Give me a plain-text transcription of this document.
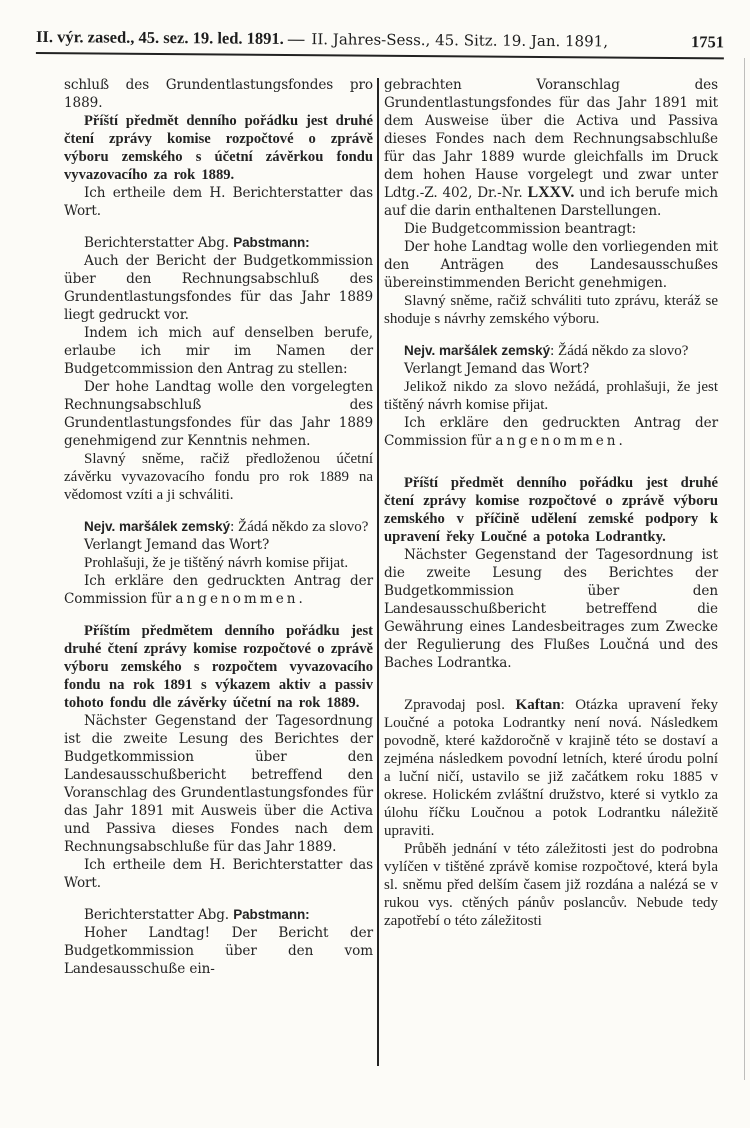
II. výr. zased., 45. sez. 19. led. 1891. — II. Jahres-Sess., 45. Sitz. 19. Jan. 1891,	1751

schluß des Grundentlastungsfondes pro 1889.

Příští předmět denního pořádku jest druhé čtení zprávy komise rozpočtové o zprávě výboru zemského s účetní závěrkou fondu vyvazovacího za rok 1889.

Ich ertheile dem H. Berichterstatter das Wort.

Berichterstatter Abg. Pabstmann:

Auch der Bericht der Budgetkommission über den Rechnungsabschluß des Grundentlastungsfondes für das Jahr 1889 liegt gedruckt vor.

Indem ich mich auf denselben berufe, erlaube ich mir im Namen der Budgetcommission den Antrag zu stellen:

Der hohe Landtag wolle den vorgelegten Rechnungsabschluß des Grundentlastungsfondes für das Jahr 1889 genehmigend zur Kenntnis nehmen.

Slavný sněme, račiž předloženou účetní závěrku vyvazovacího fondu pro rok 1889 na vědomost vzíti a ji schváliti.

Nejv. maršálek zemský: Žádá někdo za slovo?

Verlangt Jemand das Wort?

Prohlašuji, že je tištěný návrh komise přijat.

Ich erkläre den gedruckten Antrag der Commission für angenommen.

Příštím předmětem denního pořádku jest druhé čtení zprávy komise rozpočtové o zprávě výboru zemského s rozpočtem vyvazovacího fondu na rok 1891 s výkazem aktiv a passiv tohoto fondu dle závěrky účetní na rok 1889.

Nächster Gegenstand der Tagesordnung ist die zweite Lesung des Berichtes der Budgetkommission über den Landesausschußbericht betreffend den Voranschlag des Grundentlastungsfondes für das Jahr 1891 mit Ausweis über die Activa und Passiva dieses Fondes nach dem Rechnungsabschluße für das Jahr 1889.

Ich ertheile dem H. Berichterstatter das Wort.

Berichterstatter Abg. Pabstmann:

Hoher Landtag! Der Bericht der Budgetkommission über den vom Landesausschuße ein-

gebrachten Voranschlag des Grundentlastungsfondes für das Jahr 1891 mit dem Ausweise über die Activa und Passiva dieses Fondes nach dem Rechnungsabschluße für das Jahr 1889 wurde gleichfalls im Druck dem hohen Hause vorgelegt und zwar unter Ldtg.-Z. 402, Dr.-Nr. LXXV. und ich berufe mich auf die darin enthaltenen Darstellungen.

Die Budgetcommission beantragt:

Der hohe Landtag wolle den vorliegenden mit den Anträgen des Landesausschußes übereinstimmenden Bericht genehmigen.

Slavný sněme, račiž schváliti tuto zprávu, kteráž se shoduje s návrhy zemského výboru.

Nejv. maršálek zemský: Žádá někdo za slovo?

Verlangt Jemand das Wort?

Jelikož nikdo za slovo nežádá, prohlašuji, že jest tištěný návrh komise přijat.

Ich erkläre den gedruckten Antrag der Commission für angenommen.

Příští předmět denního pořádku jest druhé čtení zprávy komise rozpočtové o zprávě výboru zemského v příčině udělení zemské podpory k upravení řeky Loučné a potoka Lodrantky.

Nächster Gegenstand der Tagesordnung ist die zweite Lesung des Berichtes der Budgetkommission über den Landesausschußbericht betreffend die Gewährung eines Landesbeitrages zum Zwecke der Regulierung des Flußes Loučná und des Baches Lodrantka.

Zpravodaj posl. Kaftan: Otázka upravení řeky Loučné a potoka Lodrantky není nová. Následkem povodně, které každoročně v krajině této se dostaví a zejména následkem povodní letních, které úrodu polní a luční ničí, ustavilo se již začátkem roku 1885 v okrese. Holickém zvláštní družstvo, které si vytklo za úlohu říčku Loučnou a potok Lodrantku náležitě upraviti.

Průběh jednání v této záležitosti jest do podrobna vylíčen v tištěné zprávě komise rozpočtové, která byla sl. sněmu před delším časem již rozdána a nalézá se v rukou vys. ctěných pánův poslancův. Nebude tedy zapotřebí o této záležitosti
